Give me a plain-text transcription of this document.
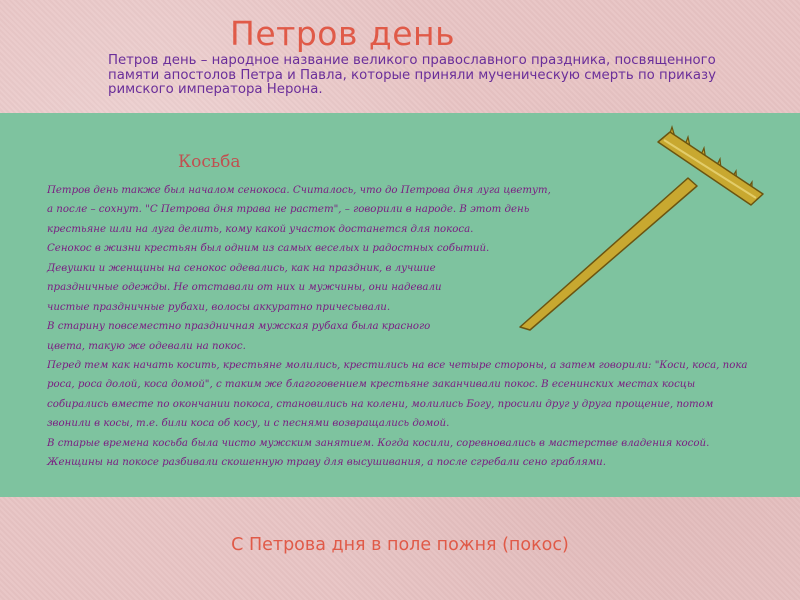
Петров день
Петров день – народное название великого православного праздника, посвященного памяти апостолов Петра и Павла, которые приняли мученическую смерть по приказу римского императора Нерона.
Косьба
Петров день также был началом сенокоса. Считалось, что до Петрова дня луга цветут,
а после – сохнут. "С Петрова дня трава не растет", – говорили в народе. В этот день
крестьяне шли на луга делить, кому какой участок достанется для покоса.
Сенокос в жизни крестьян был одним из самых веселых и радостных событий.
Девушки и женщины на сенокос одевались, как на праздник, в лучшие
праздничные одежды. Не отставали от них и мужчины, они надевали
чистые праздничные рубахи, волосы аккуратно причесывали.
В старину повсеместно праздничная мужская рубаха была красного
цвета, такую же одевали на покос.
Перед тем как начать косить, крестьяне молились, крестились на все четыре стороны, а затем говорили: "Коси, коса, пока
роса, роса долой, коса домой", с таким же благоговением крестьяне заканчивали покос. В есенинских местах косцы
собирались вместе по окончании покоса, становились на колени, молились Богу, просили друг у друга прощение, потом
звонили в косы, т.е. били коса об косу, и с песнями возвращались домой.
В старые времена косьба была чисто мужским занятием. Когда косили, соревновались в мастерстве владения косой.
Женщины на покосе разбивали скошенную траву для высушивания, а после сгребали сено граблями.
С Петрова дня в поле пожня (покос)
